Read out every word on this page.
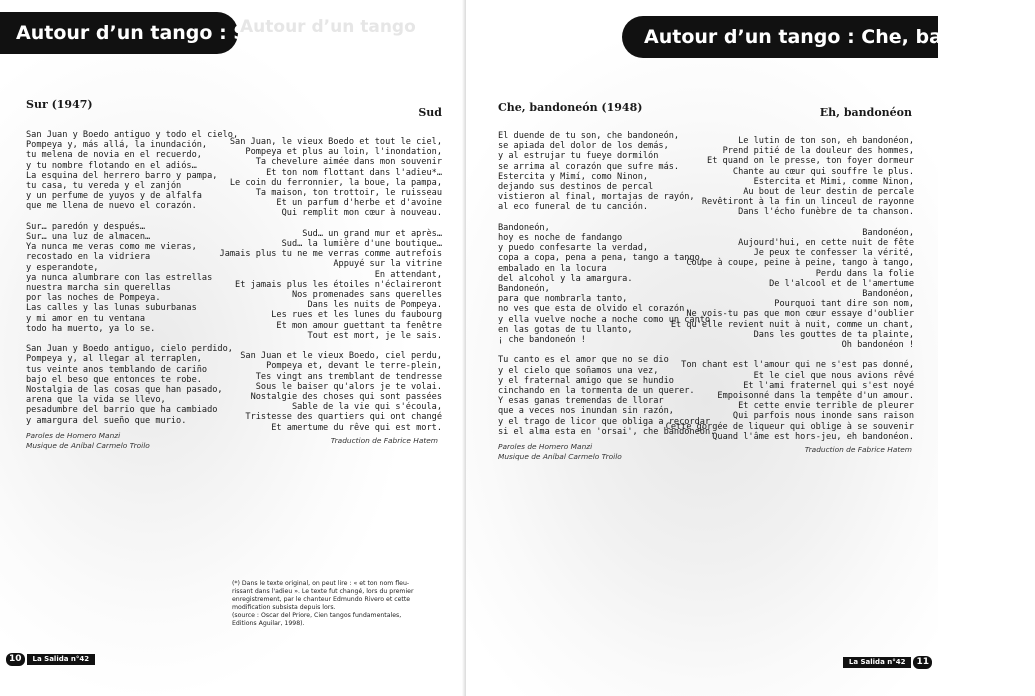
Autour d’un tango : Sur
Autour d’un tango
Sur (1947)
Sud
San Juan y Boedo antiguo y todo el cielo,
Pompeya y, más allá, la inundación,
tu melena de novia en el recuerdo,
y tu nombre flotando en el adiós…
La esquina del herrero barro y pampa,
tu casa, tu vereda y el zanjón
y un perfume de yuyos y de alfalfa
que me llena de nuevo el corazón.

Sur… paredón y después…
Sur… una luz de almacen…
Ya nunca me veras como me vieras,
recostado en la vidriera
y esperandote,
ya nunca alumbrare con las estrellas
nuestra marcha sin querellas
por las noches de Pompeya.
Las calles y las lunas suburbanas
y mi amor en tu ventana
todo ha muerto, ya lo se.

San Juan y Boedo antiguo, cielo perdido,
Pompeya y, al llegar al terraplen,
tus veinte anos temblando de cariño
bajo el beso que entonces te robe.
Nostalgia de las cosas que han pasado,
arena que la vida se llevo,
pesadumbre del barrio que ha cambiado
y amargura del sueño que murio.
San Juan, le vieux Boedo et tout le ciel,
Pompeya et plus au loin, l'inondation,
Ta chevelure aimée dans mon souvenir
Et ton nom flottant dans l'adieu*…
Le coin du ferronnier, la boue, la pampa,
Ta maison, ton trottoir, le ruisseau
Et un parfum d'herbe et d'avoine
Qui remplit mon cœur à nouveau.

Sud… un grand mur et après…
Sud… la lumière d'une boutique…
Jamais plus tu ne me verras comme autrefois
Appuyé sur la vitrine
En attendant,
Et jamais plus les étoiles n'éclaireront
Nos promenades sans querelles
Dans les nuits de Pompeya.
Les rues et les lunes du faubourg
Et mon amour guettant ta fenêtre
Tout est mort, je le sais.

San Juan et le vieux Boedo, ciel perdu,
Pompeya et, devant le terre-plein,
Tes vingt ans tremblant de tendresse
Sous le baiser qu'alors je te volai.
Nostalgie des choses qui sont passées
Sable de la vie qui s'écoula,
Tristesse des quartiers qui ont changé
Et amertume du rêve qui est mort.
Paroles de Homero Manzi
Musique de Aníbal Carmelo Troilo
Traduction de Fabrice Hatem
(*) Dans le texte original, on peut lire : « et ton nom fleu-
rissant dans l'adieu ». Le texte fut changé, lors du premier
enregistrement, par le chanteur Edmundo Rivero et cette
modification subsista depuis lors.
(source : Oscar del Priore, Cien tangos fundamentales,
Editions Aguilar, 1998).
10	La Salida n°42
Autour d’un tango : Che, bandoneón
Che, bandoneón (1948)	Eh, bandonéon
El duende de tu son, che bandoneón,
se apiada del dolor de los demás,
y al estrujar tu fueye dormilón
se arrima al corazón que sufre más.
Estercita y Mimí, como Ninon,
dejando sus destinos de percal
vistieron al final, mortajas de rayón,
al eco funeral de tu canción.

Bandoneón,
hoy es noche de fandango
y puedo confesarte la verdad,
copa a copa, pena a pena, tango a tango,
embalado en la locura
del alcohol y la amargura.
Bandoneón,
para que nombrarla tanto,
no ves que esta de olvido el corazón
y ella vuelve noche a noche como un canto
en las gotas de tu llanto,
¡ che bandoneón !

Tu canto es el amor que no se dio
y el cielo que soñamos una vez,
y el fraternal amigo que se hundio
cinchando en la tormenta de un querer.
Y esas ganas tremendas de llorar
que a veces nos inundan sin razón,
y el trago de licor que obliga a recordar
si el alma esta en 'orsai', che bandoneón.
Le lutin de ton son, eh bandonéon,
Prend pitié de la douleur des hommes,
Et quand on le presse, ton foyer dormeur
Chante au cœur qui souffre le plus.
Estercita et Mimi, comme Ninon,
Au bout de leur destin de percale
Revêtiront à la fin un linceul de rayonne
Dans l'écho funèbre de ta chanson.

Bandonéon,
Aujourd'hui, en cette nuit de fête
Je peux te confesser la vérité,
Coupe à coupe, peine à peine, tango à tango,
Perdu dans la folie
De l'alcool et de l'amertume
Bandonéon,
Pourquoi tant dire son nom,
Ne vois-tu pas que mon cœur essaye d'oublier
Et qu'elle revient nuit à nuit, comme un chant,
Dans les gouttes de ta plainte,
Oh bandonéon !

Ton chant est l'amour qui ne s'est pas donné,
Et le ciel que nous avions rêvé
Et l'ami fraternel qui s'est noyé
Empoisonné dans la tempête d'un amour.
Et cette envie terrible de pleurer
Qui parfois nous inonde sans raison
Cette gorgée de liqueur qui oblige à se souvenir
Quand l'âme est hors-jeu, eh bandonéon.
Paroles de Homero Manzi
Musique de Aníbal Carmelo Troilo
Traduction de Fabrice Hatem
La Salida n°42	11
